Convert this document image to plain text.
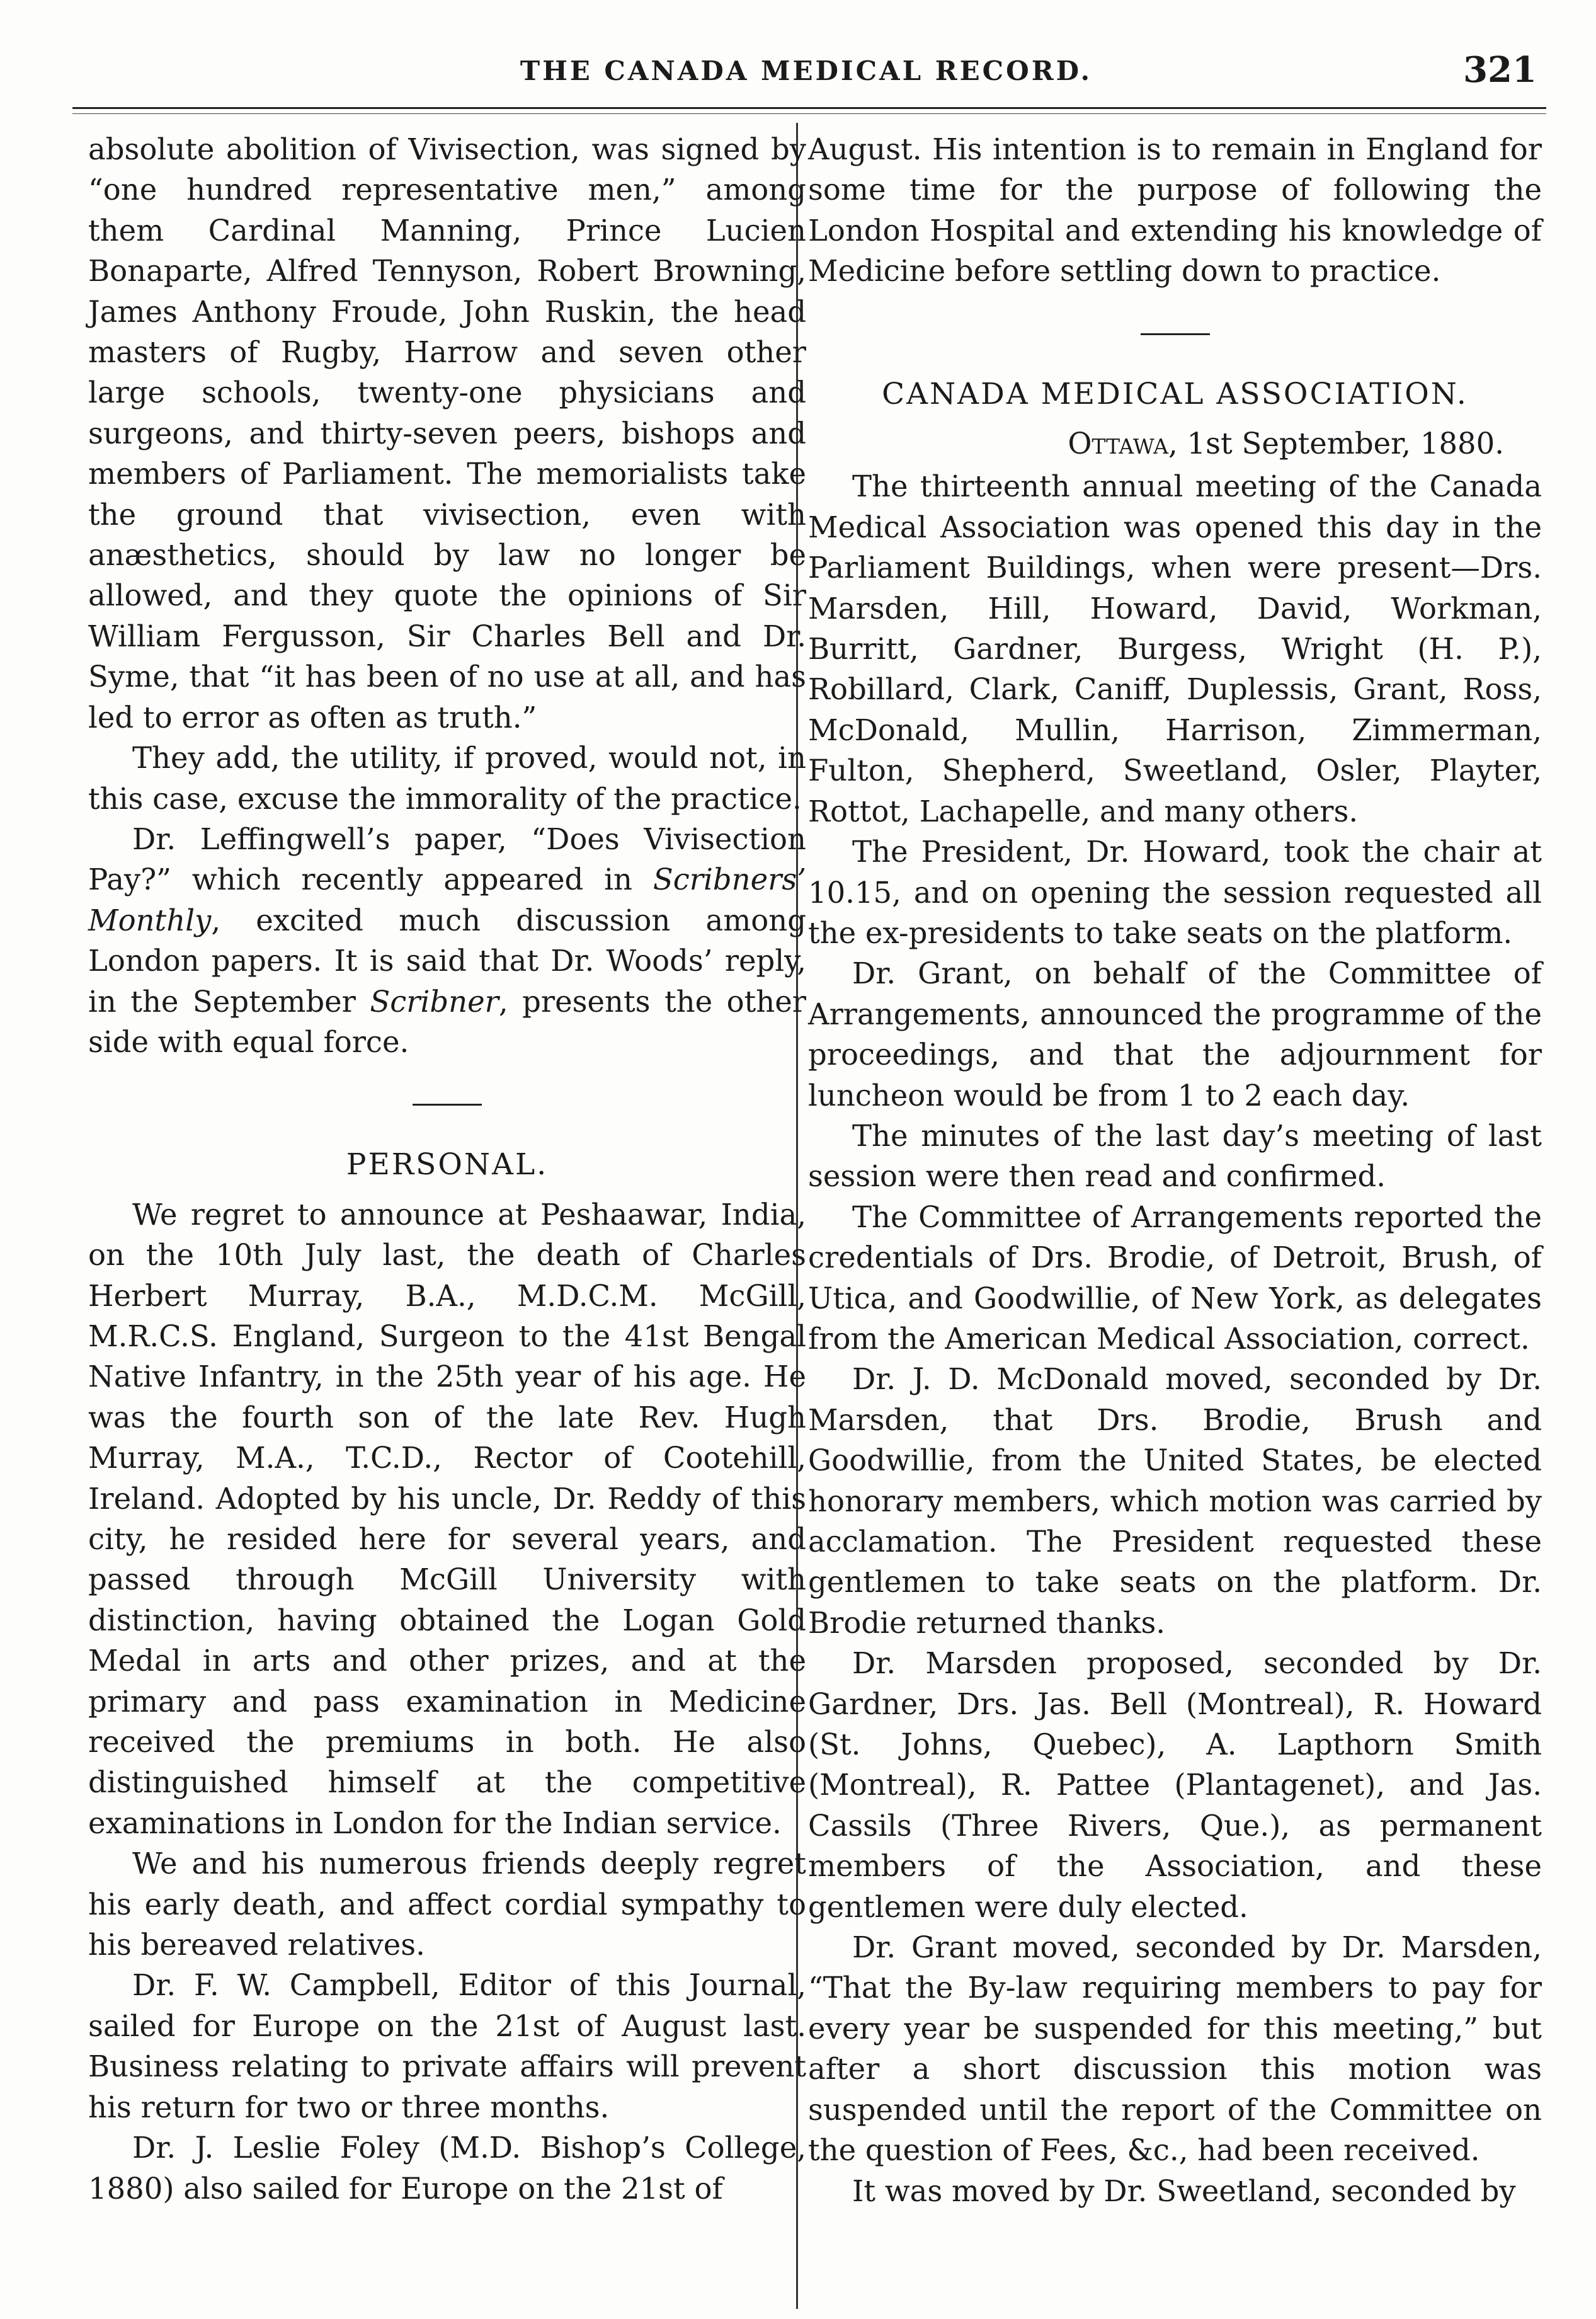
THE CANADA MEDICAL RECORD.	321

absolute abolition of Vivisection, was signed by “one hundred representative men,” among them Cardinal Manning, Prince Lucien Bonaparte, Alfred Tennyson, Robert Browning, James Anthony Froude, John Ruskin, the head masters of Rugby, Harrow and seven other large schools, twenty-one physicians and surgeons, and thirty-seven peers, bishops and members of Parliament. The memorialists take the ground that vivisection, even with anæsthetics, should by law no longer be allowed, and they quote the opinions of Sir William Fergusson, Sir Charles Bell and Dr. Syme, that “it has been of no use at all, and has led to error as often as truth.”

They add, the utility, if proved, would not, in this case, excuse the immorality of the practice.

Dr. Leffingwell’s paper, “Does Vivisection Pay?” which recently appeared in Scribners’ Monthly, excited much discussion among London papers. It is said that Dr. Woods’ reply, in the September Scribner, presents the other side with equal force.

PERSONAL.

We regret to announce at Peshaawar, India, on the 10th July last, the death of Charles Herbert Murray, B.A., M.D.C.M. McGill, M.R.C.S. England, Surgeon to the 41st Bengal Native Infantry, in the 25th year of his age. He was the fourth son of the late Rev. Hugh Murray, M.A., T.C.D., Rector of Cootehill, Ireland. Adopted by his uncle, Dr. Reddy of this city, he resided here for several years, and passed through McGill University with distinction, having obtained the Logan Gold Medal in arts and other prizes, and at the primary and pass examination in Medicine received the premiums in both. He also distinguished himself at the competitive examinations in London for the Indian service.

We and his numerous friends deeply regret his early death, and affect cordial sympathy to his bereaved relatives.

Dr. F. W. Campbell, Editor of this Journal, sailed for Europe on the 21st of August last. Business relating to private affairs will prevent his return for two or three months.

Dr. J. Leslie Foley (M.D. Bishop’s College, 1880) also sailed for Europe on the 21st of

August. His intention is to remain in England for some time for the purpose of following the London Hospital and extending his knowledge of Medicine before settling down to practice.

CANADA MEDICAL ASSOCIATION.
Ottawa, 1st September, 1880.

The thirteenth annual meeting of the Canada Medical Association was opened this day in the Parliament Buildings, when were present—Drs. Marsden, Hill, Howard, David, Workman, Burritt, Gardner, Burgess, Wright (H. P.), Robillard, Clark, Caniff, Duplessis, Grant, Ross, McDonald, Mullin, Harrison, Zimmerman, Fulton, Shepherd, Sweetland, Osler, Playter, Rottot, Lachapelle, and many others.

The President, Dr. Howard, took the chair at 10.15, and on opening the session requested all the ex-presidents to take seats on the platform.

Dr. Grant, on behalf of the Committee of Arrangements, announced the programme of the proceedings, and that the adjournment for luncheon would be from 1 to 2 each day.

The minutes of the last day’s meeting of last session were then read and confirmed.

The Committee of Arrangements reported the credentials of Drs. Brodie, of Detroit, Brush, of Utica, and Goodwillie, of New York, as delegates from the American Medical Association, correct.

Dr. J. D. McDonald moved, seconded by Dr. Marsden, that Drs. Brodie, Brush and Goodwillie, from the United States, be elected honorary members, which motion was carried by acclamation. The President requested these gentlemen to take seats on the platform. Dr. Brodie returned thanks.

Dr. Marsden proposed, seconded by Dr. Gardner, Drs. Jas. Bell (Montreal), R. Howard (St. Johns, Quebec), A. Lapthorn Smith (Montreal), R. Pattee (Plantagenet), and Jas. Cassils (Three Rivers, Que.), as permanent members of the Association, and these gentlemen were duly elected.

Dr. Grant moved, seconded by Dr. Marsden, “That the By-law requiring members to pay for every year be suspended for this meeting,” but after a short discussion this motion was suspended until the report of the Committee on the question of Fees, &c., had been received.

It was moved by Dr. Sweetland, seconded by
